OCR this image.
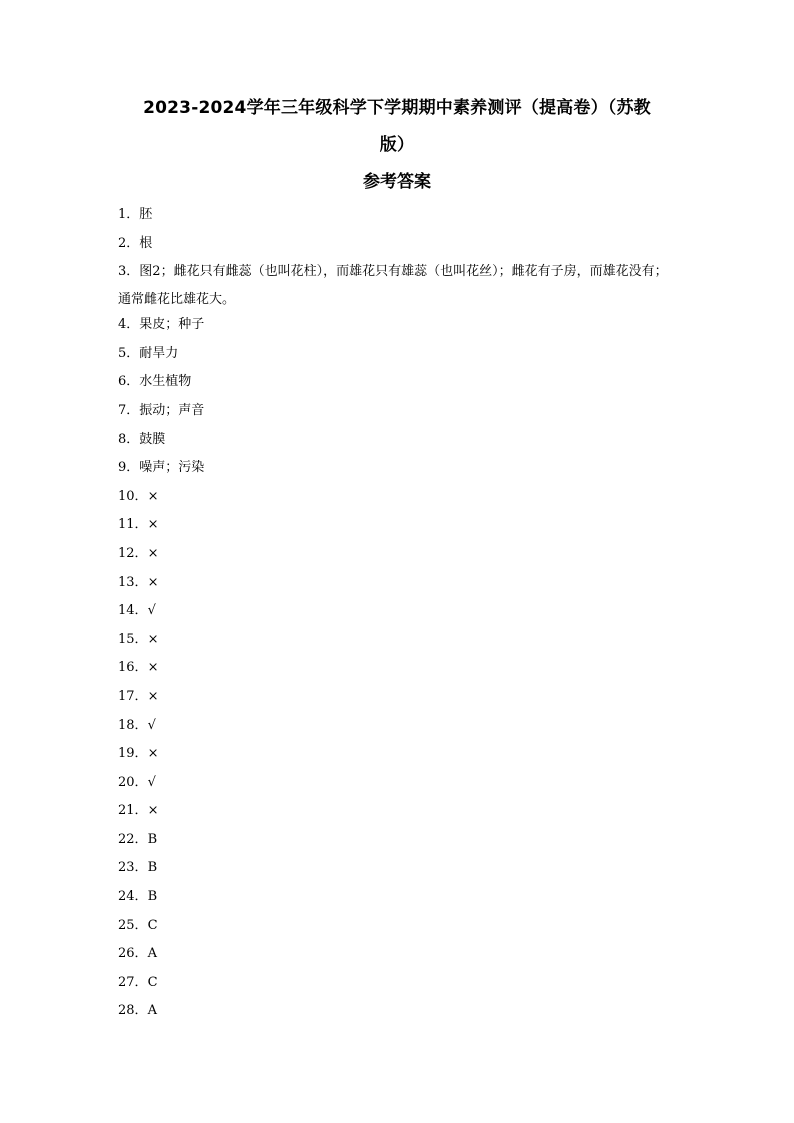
2023-2024学年三年级科学下学期期中素养测评（提高卷）（苏教
版）
参考答案
1．胚
2．根
3．图2；雌花只有雌蕊（也叫花柱），而雄花只有雄蕊（也叫花丝）；雌花有子房，而雄花没有；通常雌花比雄花大。
4．果皮；种子
5．耐旱力
6．水生植物
7．振动；声音
8．鼓膜
9．噪声；污染
10．×
11．×
12．×
13．×
14．√
15．×
16．×
17．×
18．√
19．×
20．√
21．×
22．B
23．B
24．B
25．C
26．A
27．C
28．A
